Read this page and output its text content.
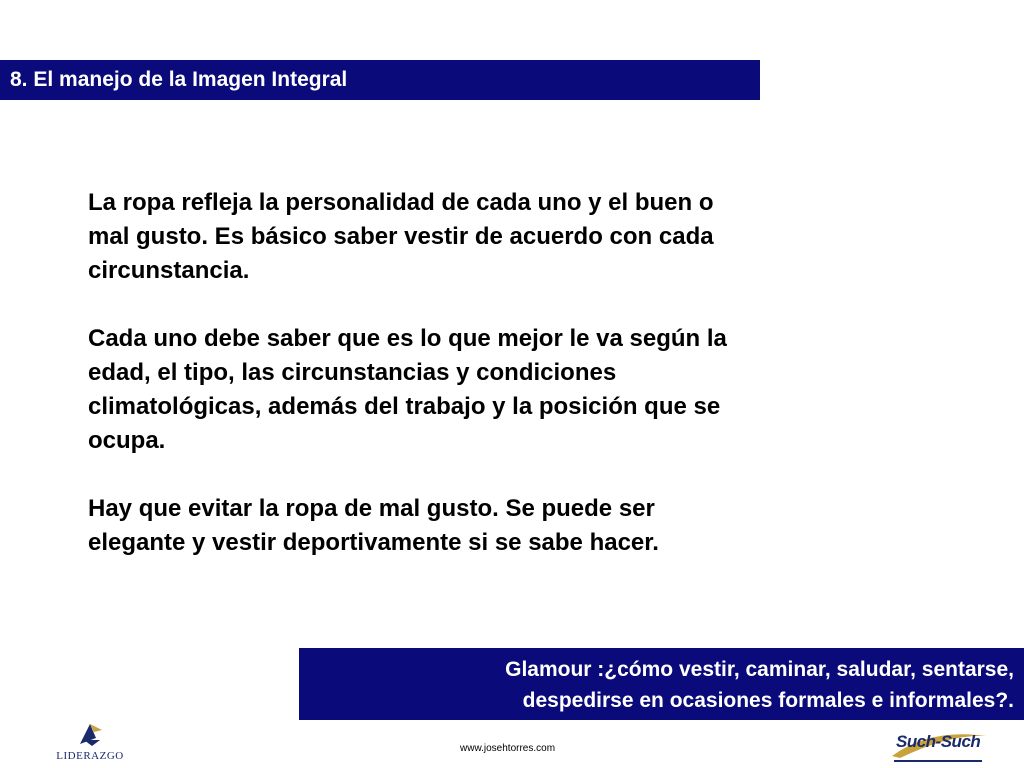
8. El manejo de la Imagen Integral

La ropa refleja la personalidad de cada uno y el buen o
mal gusto. Es básico saber vestir de acuerdo con cada
circunstancia.

Cada uno debe saber que es lo que mejor le va según la
edad, el tipo, las circunstancias y condiciones
climatológicas, además del trabajo y la posición que se
ocupa.

Hay que evitar la ropa de mal gusto. Se puede ser
elegante y vestir deportivamente si se sabe hacer.

Glamour :¿cómo vestir, caminar, saludar, sentarse,
despedirse en ocasiones formales e informales?.
LIDERAZGO
www.josehtorres.com	Such-Such
